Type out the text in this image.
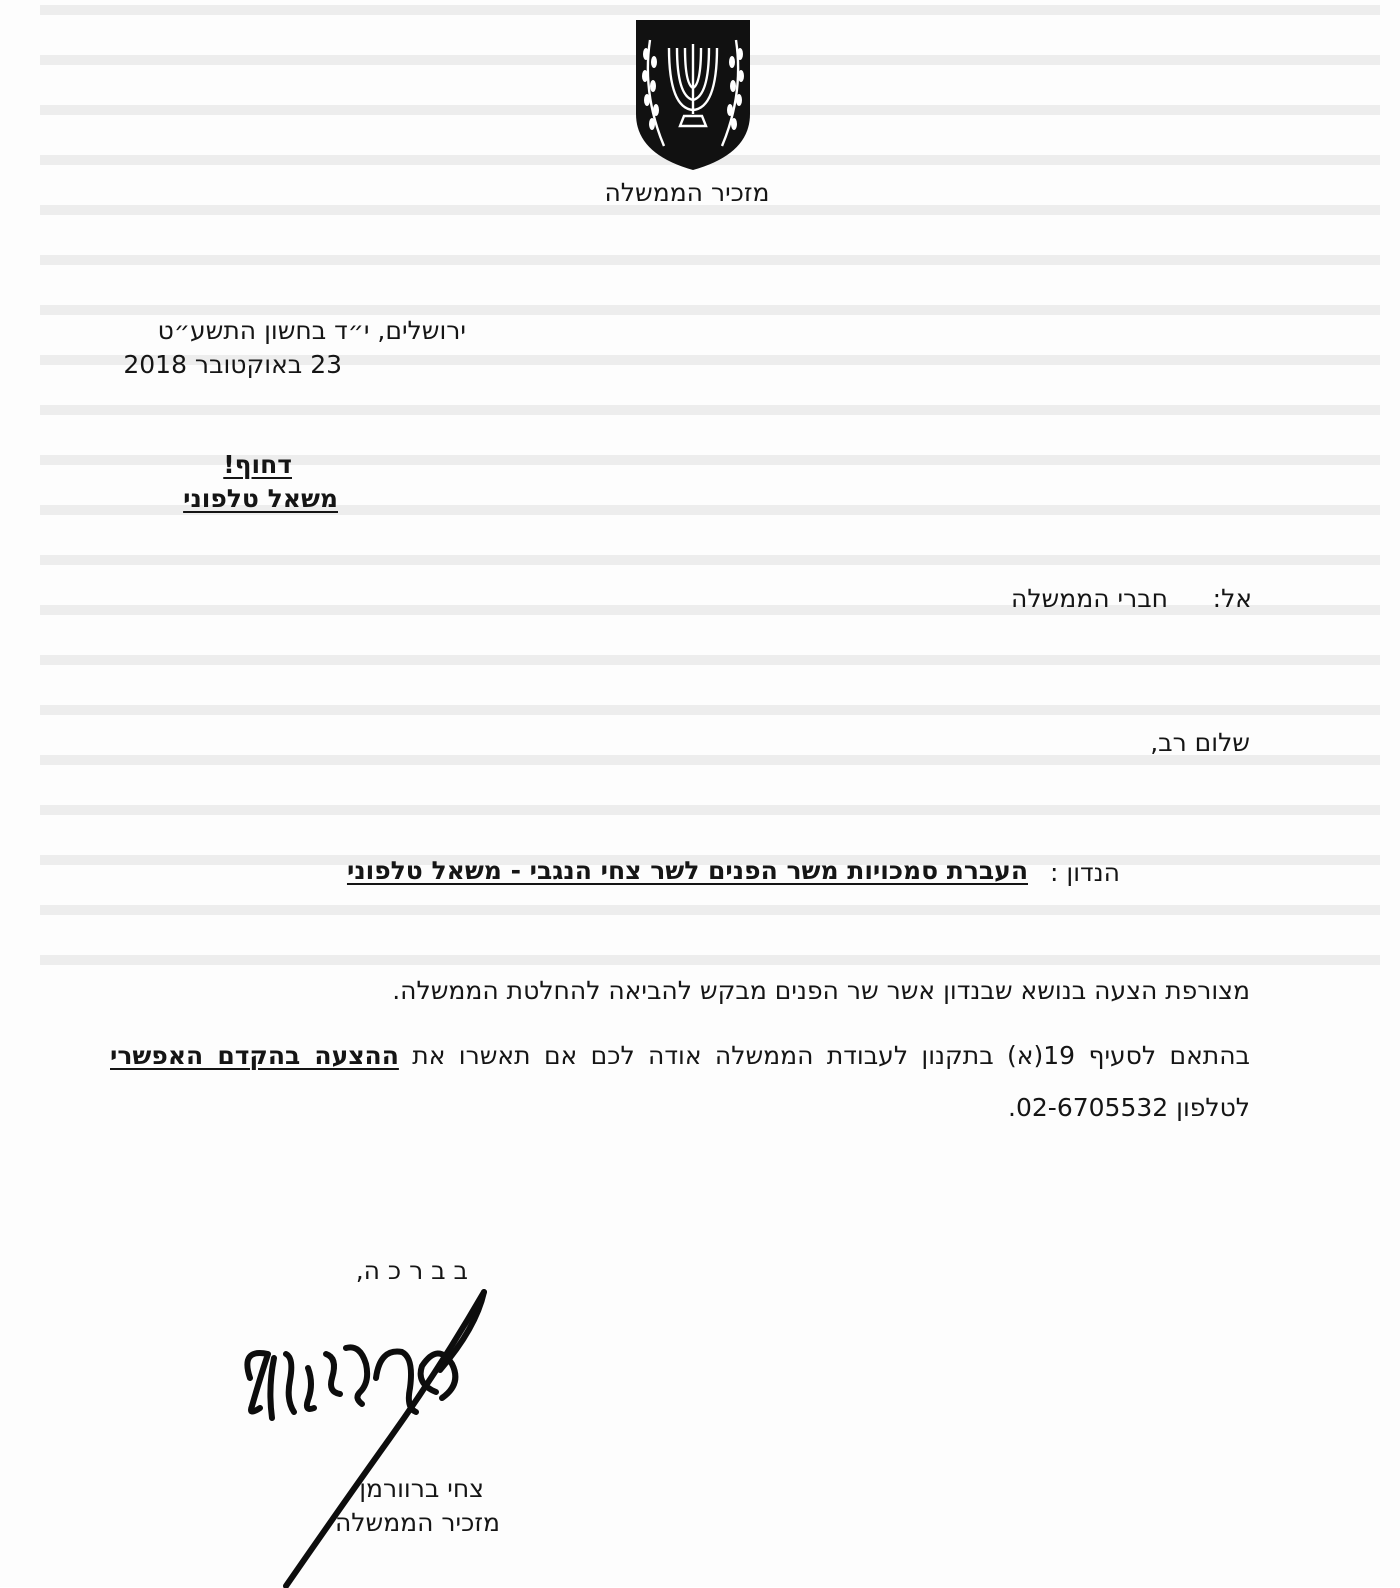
מזכיר הממשלה
ירושלים, י״ד בחשון התשע״ט
23 באוקטובר 2018
דחוף!
משאל טלפוני
אל:
חברי הממשלה
שלום רב,
הנדון :
העברת סמכויות משר הפנים לשר צחי הנגבי - משאל טלפוני
מצורפת הצעה בנושא שבנדון אשר שר הפנים מבקש להביאה להחלטת הממשלה.
בהתאם לסעיף 19(א) בתקנון לעבודת הממשלה אודה לכם אם תאשרו את ההצעה בהקדם האפשרי לטלפון 02-6705532.
ב ב ר כ ה,
צחי ברוורמן
מזכיר הממשלה
